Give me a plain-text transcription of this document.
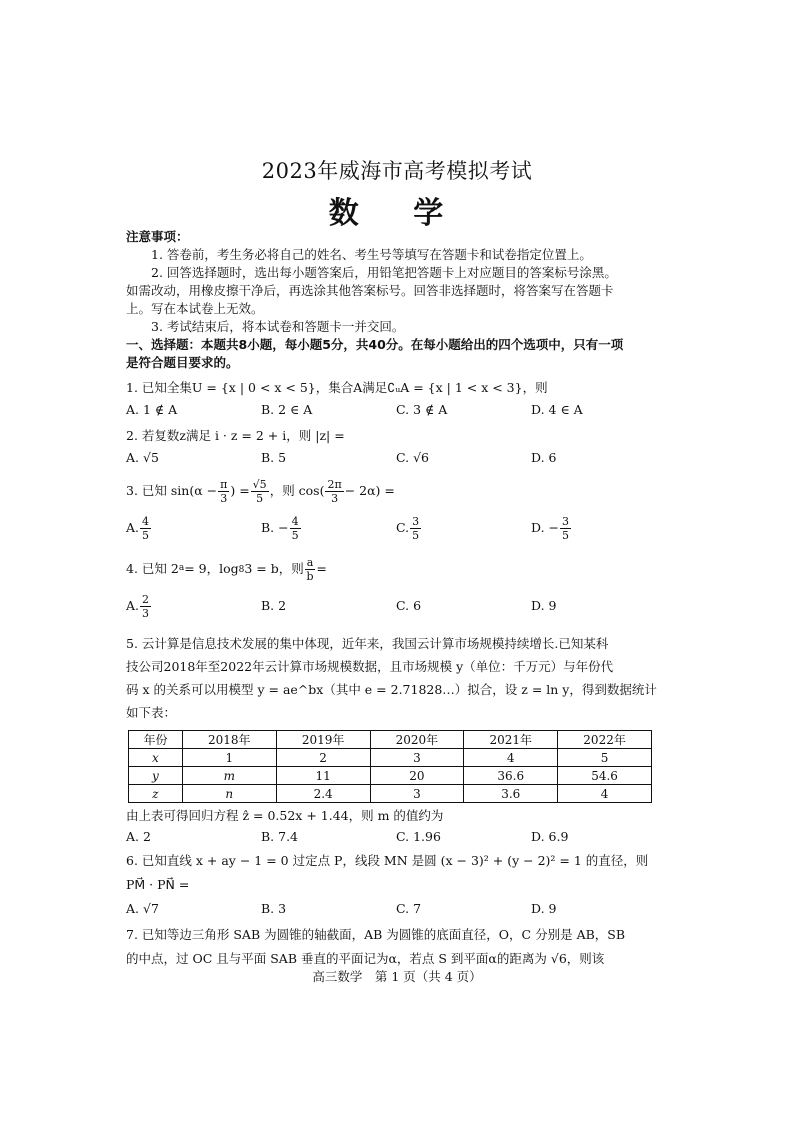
2023年威海市高考模拟考试
数 学
注意事项：
1. 答卷前，考生务必将自己的姓名、考生号等填写在答题卡和试卷指定位置上。
2. 回答选择题时，选出每小题答案后，用铅笔把答题卡上对应题目的答案标号涂黑。
如需改动，用橡皮擦干净后，再选涂其他答案标号。回答非选择题时，将答案写在答题卡
上。写在本试卷上无效。
3. 考试结束后，将本试卷和答题卡一并交回。
一、选择题：本题共8小题，每小题5分，共40分。在每小题给出的四个选项中，只有一项
是符合题目要求的。
1. 已知全集U = {x | 0 < x < 5}，集合A满足∁ᵤA = {x | 1 < x < 3}，则
A. 1 ∉ A	B. 2 ∈ A	C. 3 ∉ A	D. 4 ∈ A
2. 若复数z满足 i · z = 2 + i，则 |z| =
A. √5	B. 5	C. √6	D. 6
3. 已知 $\sin(\alpha - \frac{\pi}{3}$ ) = $\frac{√5}{5}$ ，则 $\cos( \frac{2\pi}{3} - 2\alpha)$ =
A. $\frac{4}{5}$	B. − $\frac{4}{5}$	C. $\frac{3}{5}$	D. − $\frac{3}{5}$
4. 已知 2 a = 9，log 8 3 = b，则 $\frac{a}{b}$ =
A. $\frac{2}{3}$	B. 2	C. 6	D. 9
5. 云计算是信息技术发展的集中体现，近年来，我国云计算市场规模持续增长.已知某科
技公司2018年至2022年云计算市场规模数据，且市场规模 y（单位：千万元）与年份代
码 x 的关系可以用模型 y = ae^bx（其中 e = 2.71828…）拟合，设 z = ln y，得到数据统计
如下表：
年份	2018年	2019年	2020年	2021年	2022年
x	1	2	3	4	5
y	m	11	20	36.6	54.6
z	n	2.4	3	3.6	4
由上表可得回归方程 ẑ = 0.52x + 1.44，则 m 的值约为
A. 2	B. 7.4	C. 1.96	D. 6.9
6. 已知直线 x + ay − 1 = 0 过定点 P，线段 MN 是圆 (x − 3)² + (y − 2)² = 1 的直径，则
PM⃗ · PN⃗ =
A. √7	B. 3	C. 7	D. 9
7. 已知等边三角形 SAB 为圆锥的轴截面，AB 为圆锥的底面直径，O，C 分别是 AB，SB
的中点，过 OC 且与平面 SAB 垂直的平面记为α，若点 S 到平面α的距离为 √6，则该
高三数学　第 1 页（共 4 页）
